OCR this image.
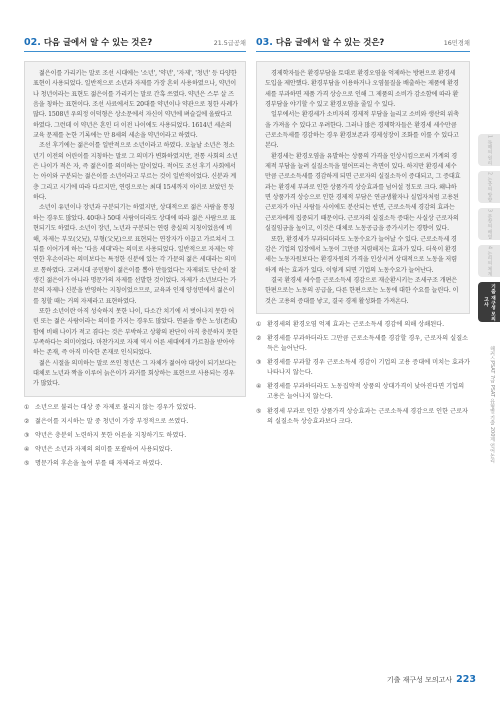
02. 다음 글에서 알 수 있는 것은?	21.5급공채

젊은이를 가리키는 말로 조선 시대에는 '소년', '약년', '자제', '청년' 등 다양한 표현이 사용되었다. 일반적으로 소년과 자제를 가장 흔히 사용하였으나, 약년이나 청년이라는 표현도 젊은이를 가리키는 말로 간혹 쓰였다. 약년은 스무 살 즈음을 칭하는 표현이다. 조선 사료에서도 20대를 약년이나 약관으로 칭한 사례가 많다. 1508년 우의정 이덕형은 상소문에서 자신이 약년에 벼슬길에 올랐다고 하였다. 그런데 이 약년은 혼인 더 이전 나이에도 사용되었다. 1614년 세손의 교육 문제를 논한 기록에는 만 8세의 세손을 약년이라고 하였다.

조선 후기에는 젊은이를 일반적으로 소년이라고 하였다. 오늘날 소년은 청소년기 이전의 어린이를 지칭하는 말로 그 의미가 변화하였지만, 전통 사회의 소년은 나이가 적은 자, 즉 젊은이를 의미하는 말이었다. 적어도 조선 후기 사회에서는 아이와 구분되는 젊은이를 소년이라고 부르는 것이 일반적이었다. 신분과 계층 그리고 시기에 따라 다르지만, 연령으로는 최대 15세까지 아이로 보았던 듯하다.

소년이 유년이나 장년과 구분되기는 하였지만, 상대적으로 젊은 사람을 통칭하는 경우도 많았다. 40대나 50대 사람이더라도 상대에 따라 젊은 사람으로 표현되기도 하였다. 소년이 장년, 노년과 구분되는 연령 충실의 지칭이었음에 비해, 자제는 부모(父兄), 부형(父兄)으로 표현되는 연장자가 이끌고 가르쳐서 그 뒤를 이어가게 하는 '다음 세대'라는 의미로 사용되었다. 일반적으로 자제는 약연한 후손이라는 의미보다는 특정한 신분에 있는 각 가문의 젊은 세대라는 의미로 통하였다. 고려시대 공민왕이 젊은이를 뽑아 만들었다는 자제위도 단순히 잘생긴 젊은이가 아니라 명문가의 자제를 선발한 것이었다. 자제가 소년보다는 가문의 자제나 신분을 반영하는 지칭이었으므로, 교육과 인재 양성면에서 젊은이를 칭할 때는 거의 자제라고 표현하였다.

또한 소년이란 아직 성숙하지 못한 나이, 다소간 치기에 서 벗어나지 못한 어린 또는 젊은 사람이라는 의미를 가지는 경우도 많았다. 연륜을 쌓은 노성(老成)함에 비해 나이가 적고 겸다는 것은 부박하고 상황의 판단이 아직 충분하지 못한 부족하다는 의미이었다. 마찬가지로 자제 역시 어른 세대에게 가르침을 받아야 하는 존재, 즉 아직 미숙한 존재로 인식되었다.

젊은 시절을 의미하는 말로 쓰인 청년은 그 자체가 젊어야 대상이 되기보다는 대체로 노년과 짝을 이루어 늙은이가 과거를 회상하는 표현으로 사용되는 경우가 많았다.

① 소년으로 불리는 대상 중 자제로 불리지 않는 경우가 있었다.
② 젊은이를 지시하는 말 중 청년이 가장 부정적으로 쓰였다.
③ 약년은 충분히 노련하지 못한 어른을 지칭하기도 하였다.
④ 약년은 소년과 자제의 의미를 포괄하여 사용되었다.
⑤ 명문가의 후손을 높여 부를 때 자제라고 하였다.
03. 다음 글에서 알 수 있는 것은?	16민경채

경제학자들은 환경부담을 토대로 환경오염을 억제하는 방편으로 환경세 도입을 제안했다. 환경부담을 이용하거나 오염물질을 배출하는 제품에 환경세를 부과하면 제품 가격 상승으로 인해 그 제품의 소비가 감소함에 따라 환경부담을 야기할 수 있고 환경오염을 줄일 수 있다.

일부에서는 환경세가 소비자의 경제적 부담을 늘리고 소비와 생산의 위축을 가져올 수 있다고 우려한다. 그러나 많은 경제학자들은 환경세 세수만큼 근로소득세를 경감하는 경우 환경보존과 경제성장이 조화를 이룰 수 있다고 본다.

환경세는 환경오염을 유발하는 상품의 가격을 인상시킴으로써 가계의 경제적 부담을 늘려 실질소득을 떨어뜨리는 측면이 있다. 하지만 환경세 세수만큼 근로소득세를 경감하게 되면 근로자의 실질소득이 증대되고, 그 증대효과는 환경세 부과로 인한 상품가격 상승효과를 넘어설 정도로 크다. 왜냐하면 상품가격 상승으로 인한 경제적 부담은 연금생활자나 실업자처럼 고용된 근로자가 아닌 사람들 사이에도 분산되는 반면, 근로소득세 경감의 효과는 근로자에게 집중되기 때문이다. 근로자의 실질소득 증대는 사실상 근로자의 실질임금을 높이고, 이것은 대체로 노동공급을 증가시키는 경향이 있다.

또한, 환경세가 부과되더라도 노동수요가 늘어날 수 있다. 근로소득세 경감은 기업의 입장에서 노동이 그만큼 저렴해지는 효과가 있다. 더욱이 환경세는 노동자원보다는 환경자원의 가격을 인상시켜 상대적으로 노동을 저렴하게 하는 효과가 있다. 이렇게 되면 기업의 노동수요가 늘어난다.

결국 환경세 세수를 근로소득세 경감으로 재순환시키는 조세구조 개편은 한편으로는 노동의 공급을, 다른 한편으로는 노동에 대한 수요를 늘린다. 이것은 고용의 증대를 낳고, 결국 경제 활성화를 가져온다.

① 환경세의 환경오염 억제 효과는 근로소득세 경감에 의해 상쇄된다.
② 환경세를 부과하더라도 그만큼 근로소득세를 경감할 경우, 근로자의 실질소득은 늘어난다.
③ 환경세를 부과할 경우 근로소득세 경감이 기업의 고용 증대에 미치는 효과가 나타나지 않는다.
④ 환경세를 부과하더라도 노동집약적 상품의 상대가격이 낮아진다면 기업의 고용은 늘어나지 않는다.
⑤ 환경세 부과로 인한 상품가격 상승효과는 근로소득세 경감으로 인한 근로자의 실질소득 상승효과보다 크다.
1 독해의 원리
2 논증의 방향
3 문장의 배열
4 논리의 체계
기출 재구성 모의고사
해커스PSAT 7급 PSAT 유형별 기출 200제 언어논리
기출 재구성 모의고사 223
